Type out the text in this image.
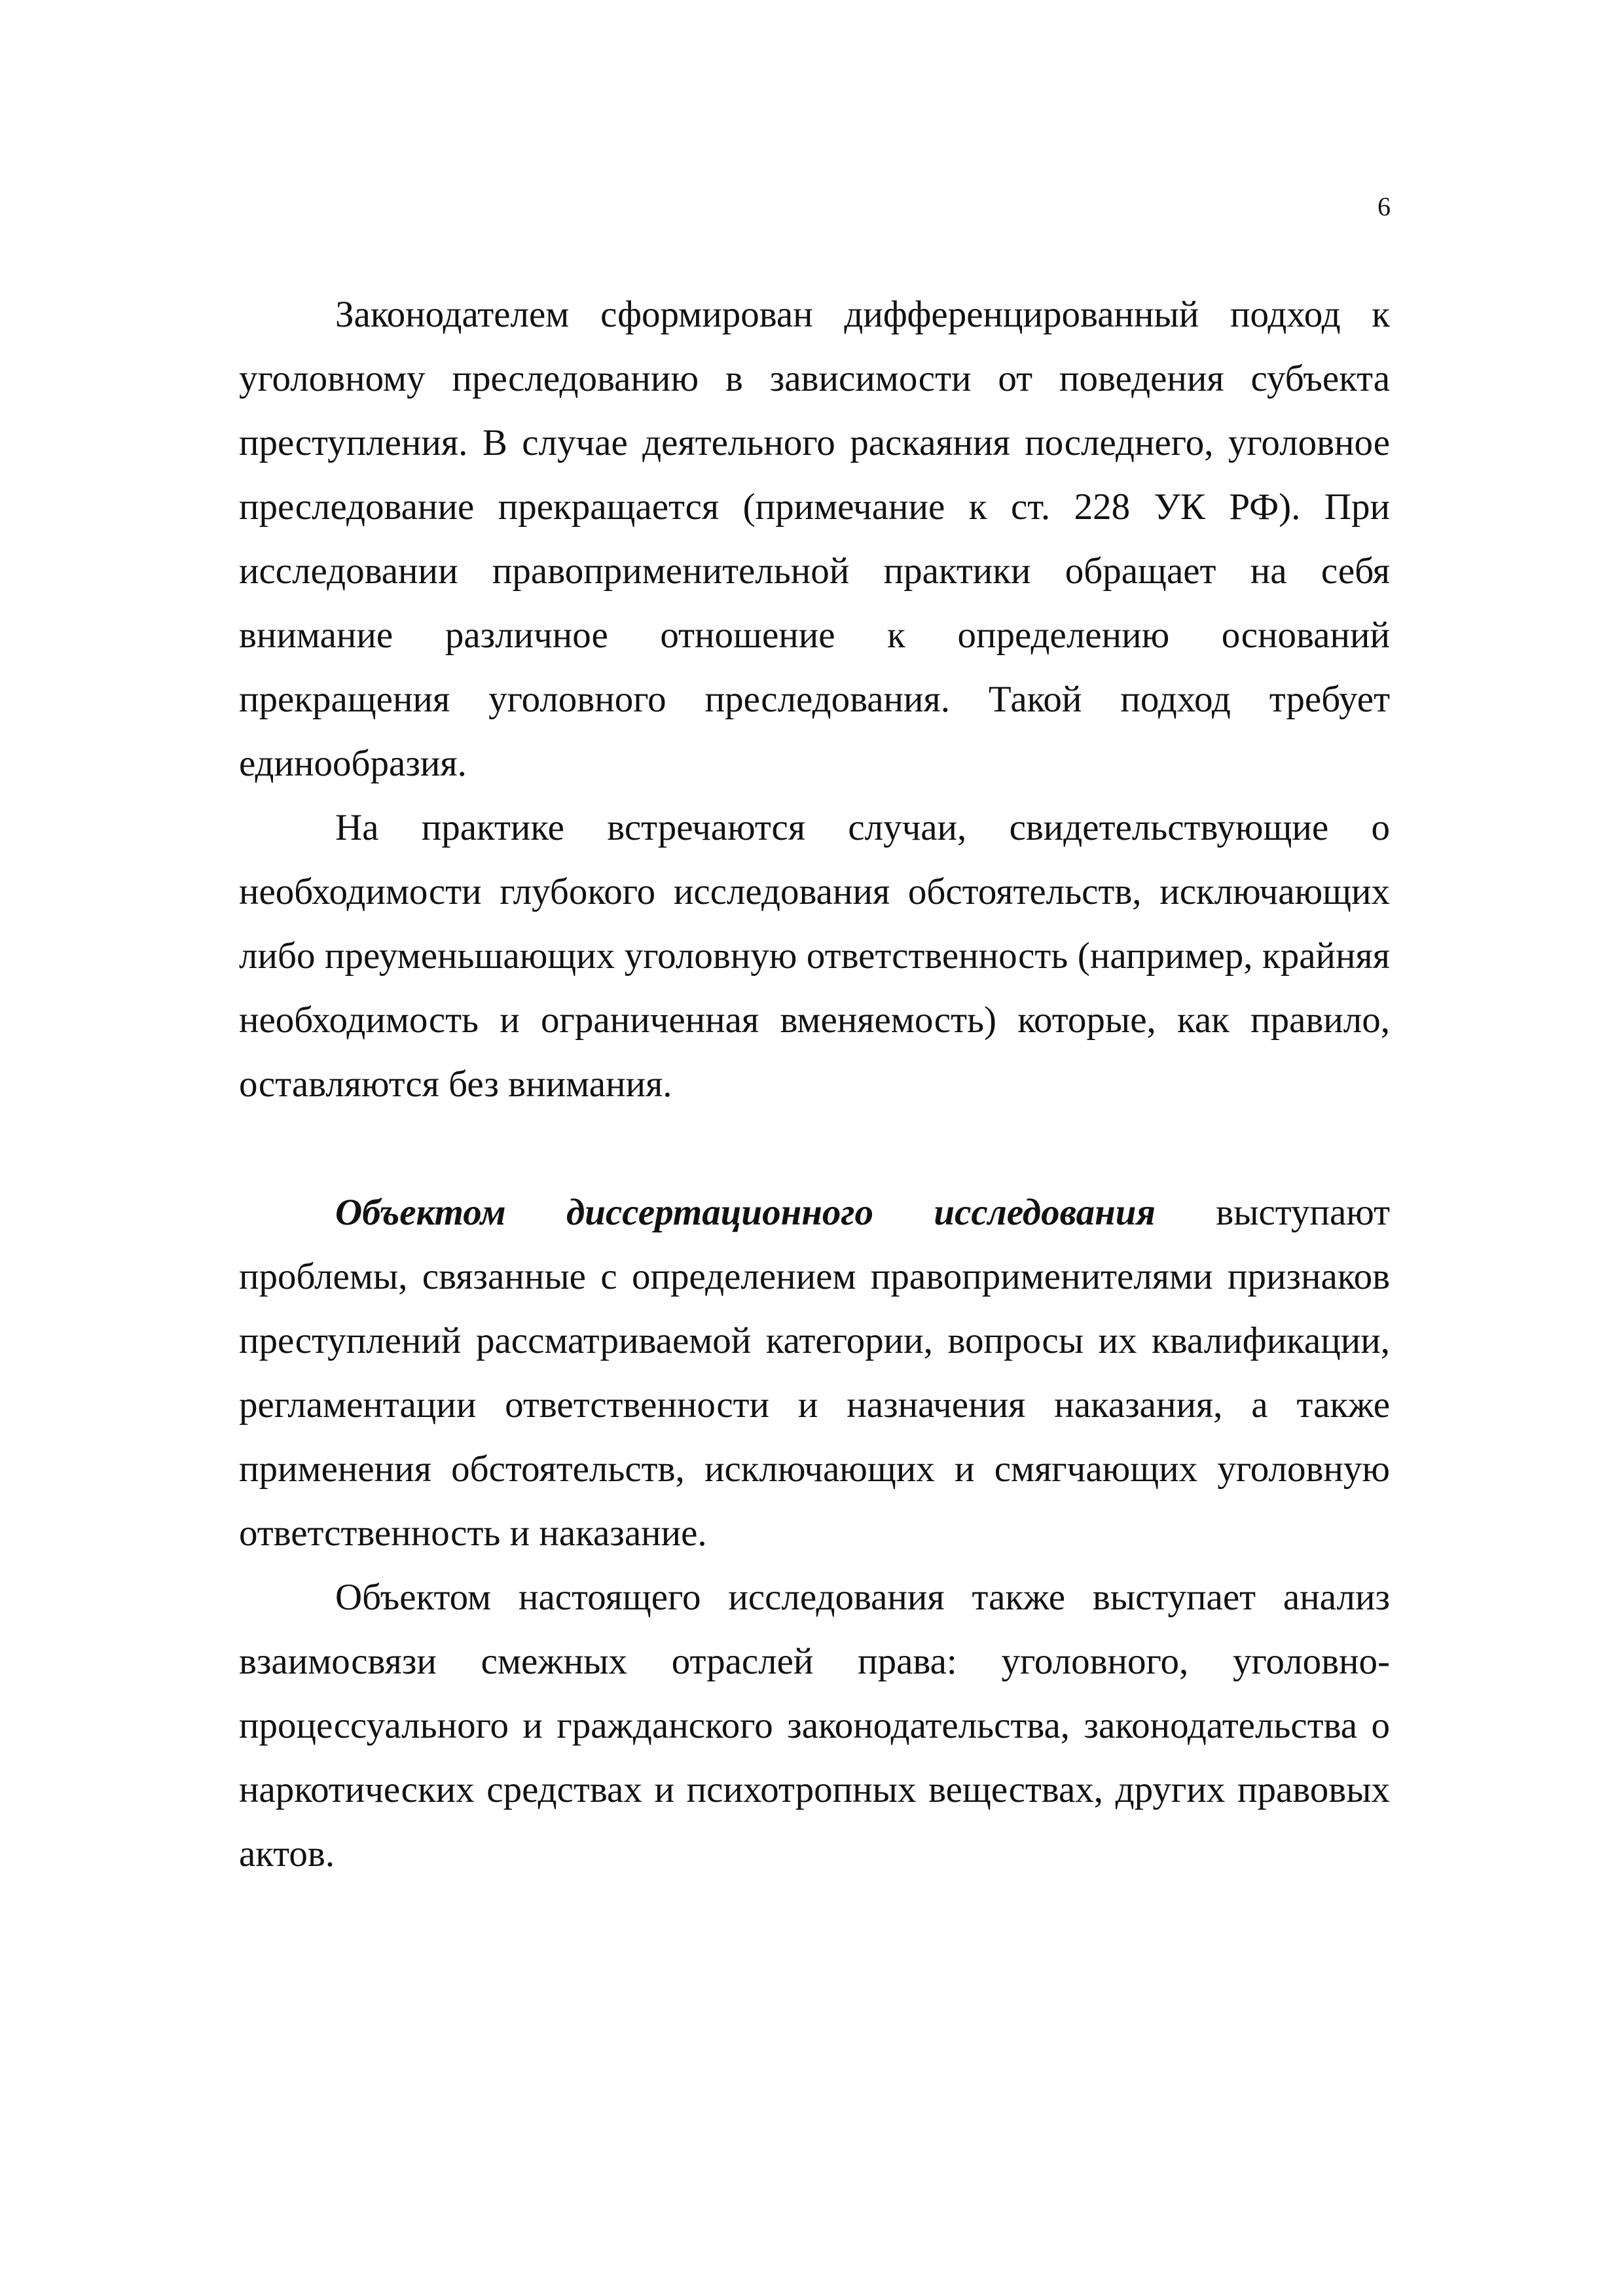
6

Законодателем сформирован дифференцированный подход к уголовному преследованию в зависимости от поведения субъекта преступления. В случае деятельного раскаяния последнего, уголовное преследование прекращается (примечание к ст. 228 УК РФ). При исследовании правоприменительной практики обращает на себя внимание различное отношение к определению оснований прекращения уголовного преследования. Такой подход требует единообразия.

На практике встречаются случаи, свидетельствующие о необходимости глубокого исследования обстоятельств, исключающих либо преуменьшающих уголовную ответственность (например, крайняя необходимость и ограниченная вменяемость) которые, как правило, оставляются без внимания.

Объектом диссертационного исследования выступают проблемы, связанные с определением правоприменителями признаков преступлений рассматриваемой категории, вопросы их квалификации, регламентации ответственности и назначения наказания, а также применения обстоятельств, исключающих и смягчающих уголовную ответственность и наказание.

Объектом настоящего исследования также выступает анализ взаимосвязи смежных отраслей права: уголовного, уголовно-процессуального и гражданского законодательства, законодательства о наркотических средствах и психотропных веществах, других правовых актов.
